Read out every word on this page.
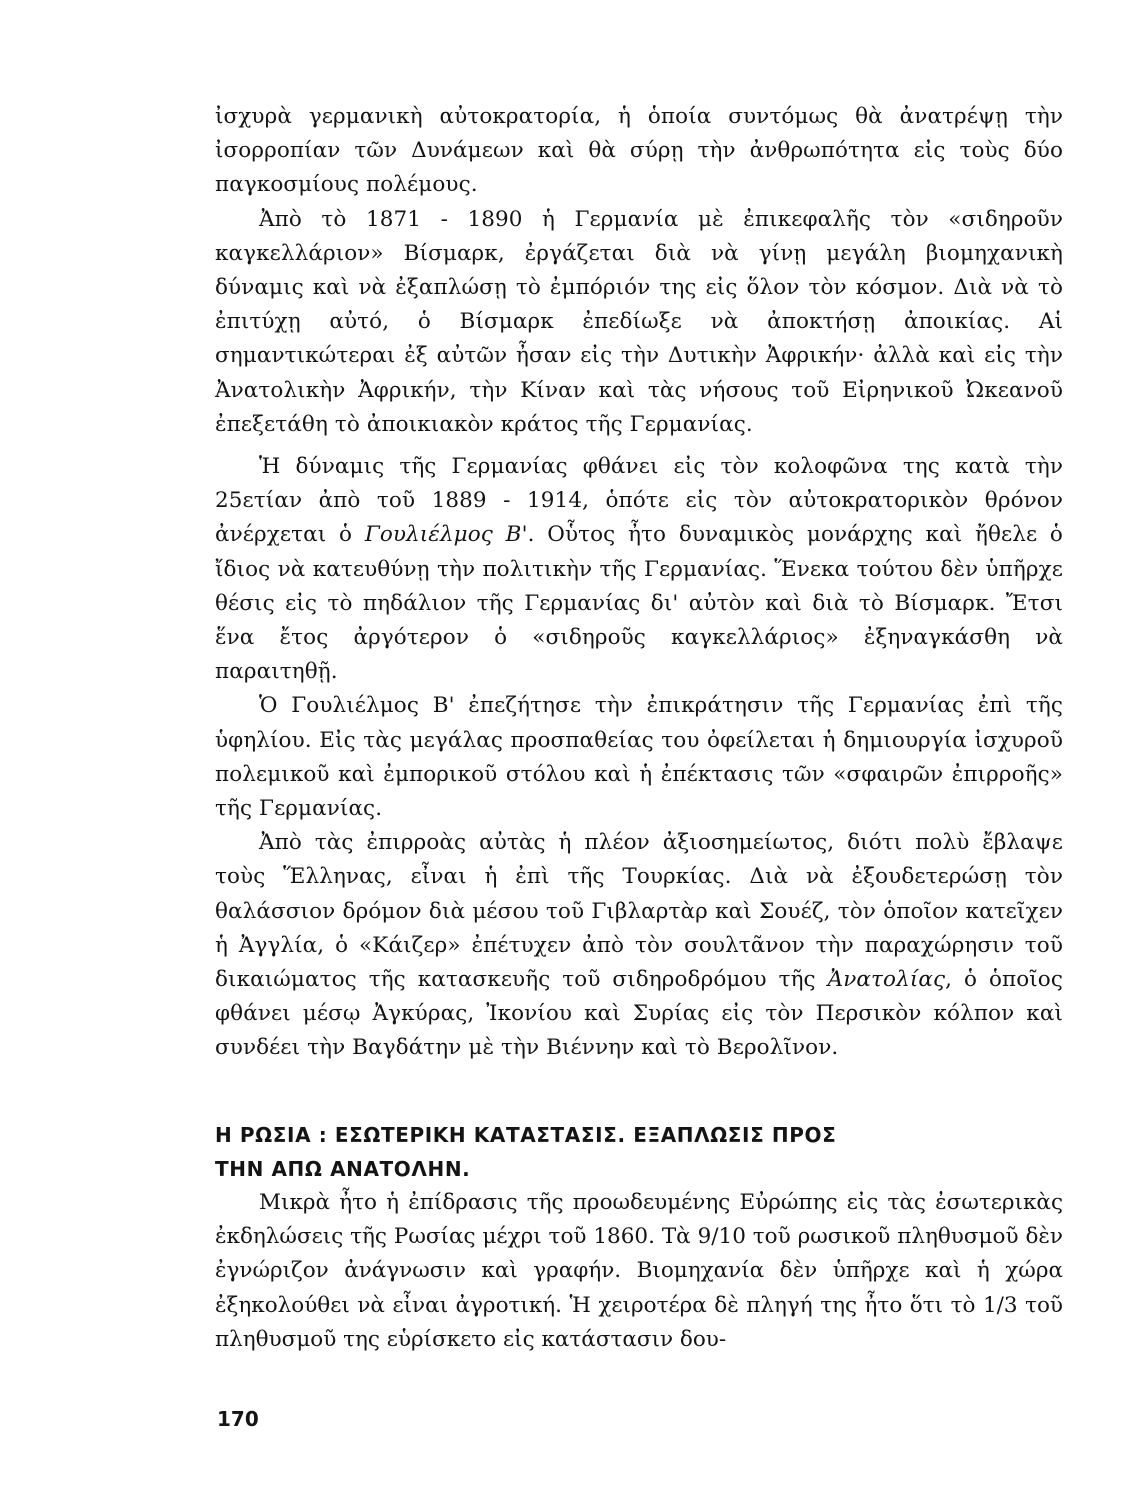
ἰσχυρὰ γερμανικὴ αὐτοκρατορία, ἡ ὁποία συντόμως θὰ ἀνατρέψῃ τὴν ἰσορροπίαν τῶν Δυνάμεων καὶ θὰ σύρῃ τὴν ἀνθρωπότητα εἰς τοὺς δύο παγκοσμίους πολέμους.

Ἀπὸ τὸ 1871 - 1890 ἡ Γερμανία μὲ ἐπικεφαλῆς τὸν «σιδηροῦν καγκελλάριον» Βίσμαρκ, ἐργάζεται διὰ νὰ γίνῃ μεγάλη βιομηχανικὴ δύναμις καὶ νὰ ἐξαπλώσῃ τὸ ἐμπόριόν της εἰς ὅλον τὸν κόσμον. Διὰ νὰ τὸ ἐπιτύχῃ αὐτό, ὁ Βίσμαρκ ἐπεδίωξε νὰ ἀποκτήσῃ ἀποικίας. Αἱ σημαντικώτεραι ἐξ αὐτῶν ἦσαν εἰς τὴν Δυτικὴν Ἀφρικήν· ἀλλὰ καὶ εἰς τὴν Ἀνατολικὴν Ἀφρικήν, τὴν Κίναν καὶ τὰς νήσους τοῦ Εἰρηνικοῦ Ὠκεανοῦ ἐπεξετάθη τὸ ἀποικιακὸν κράτος τῆς Γερμανίας.

Ἡ δύναμις τῆς Γερμανίας φθάνει εἰς τὸν κολοφῶνα της κατὰ τὴν 25ετίαν ἀπὸ τοῦ 1889 - 1914, ὁπότε εἰς τὸν αὐτοκρατορικὸν θρόνον ἀνέρχεται ὁ Γουλιέλμος Β'. Οὗτος ἦτο δυναμικὸς μονάρχης καὶ ἤθελε ὁ ἴδιος νὰ κατευθύνῃ τὴν πολιτικὴν τῆς Γερμανίας. Ἕνεκα τούτου δὲν ὑπῆρχε θέσις εἰς τὸ πηδάλιον τῆς Γερμανίας δι' αὐτὸν καὶ διὰ τὸ Βίσμαρκ. Ἔτσι ἕνα ἔτος ἀργότερον ὁ «σιδηροῦς καγκελλάριος» ἐξηναγκάσθη νὰ παραιτηθῇ.

Ὁ Γουλιέλμος Β' ἐπεζήτησε τὴν ἐπικράτησιν τῆς Γερμανίας ἐπὶ τῆς ὑφηλίου. Εἰς τὰς μεγάλας προσπαθείας του ὀφείλεται ἡ δημιουργία ἰσχυροῦ πολεμικοῦ καὶ ἐμπορικοῦ στόλου καὶ ἡ ἐπέκτασις τῶν «σφαιρῶν ἐπιρροῆς» τῆς Γερμανίας.

Ἀπὸ τὰς ἐπιρροὰς αὐτὰς ἡ πλέον ἀξιοσημείωτος, διότι πολὺ ἔβλαψε τοὺς Ἕλληνας, εἶναι ἡ ἐπὶ τῆς Τουρκίας. Διὰ νὰ ἐξουδετερώσῃ τὸν θαλάσσιον δρόμον διὰ μέσου τοῦ Γιβλαρτὰρ καὶ Σουέζ, τὸν ὁποῖον κατεῖχεν ἡ Ἀγγλία, ὁ «Κάιζερ» ἐπέτυχεν ἀπὸ τὸν σουλτᾶνον τὴν παραχώρησιν τοῦ δικαιώματος τῆς κατασκευῆς τοῦ σιδηροδρόμου τῆς Ἀνατολίας, ὁ ὁποῖος φθάνει μέσῳ Ἀγκύρας, Ἰκονίου καὶ Συρίας εἰς τὸν Περσικὸν κόλπον καὶ συνδέει τὴν Βαγδάτην μὲ τὴν Βιέννην καὶ τὸ Βερολῖνον.

Η ΡΩΣΙΑ : ΕΣΩΤΕΡΙΚΗ ΚΑΤΑΣΤΑΣΙΣ. ΕΞΑΠΛΩΣΙΣ ΠΡΟΣ
ΤΗΝ ΑΠΩ ΑΝΑΤΟΛΗΝ.

Μικρὰ ἦτο ἡ ἐπίδρασις τῆς προωδευμένης Εὐρώπης εἰς τὰς ἐσωτερικὰς ἐκδηλώσεις τῆς Ρωσίας μέχρι τοῦ 1860. Τὰ 9/10 τοῦ ρωσικοῦ πληθυσμοῦ δὲν ἐγνώριζον ἀνάγνωσιν καὶ γραφήν. Βιομηχανία δὲν ὑπῆρχε καὶ ἡ χώρα ἐξηκολούθει νὰ εἶναι ἀγροτική. Ἡ χειροτέρα δὲ πληγή της ἦτο ὅτι τὸ 1/3 τοῦ πληθυσμοῦ της εὑρίσκετο εἰς κατάστασιν δου-

170
